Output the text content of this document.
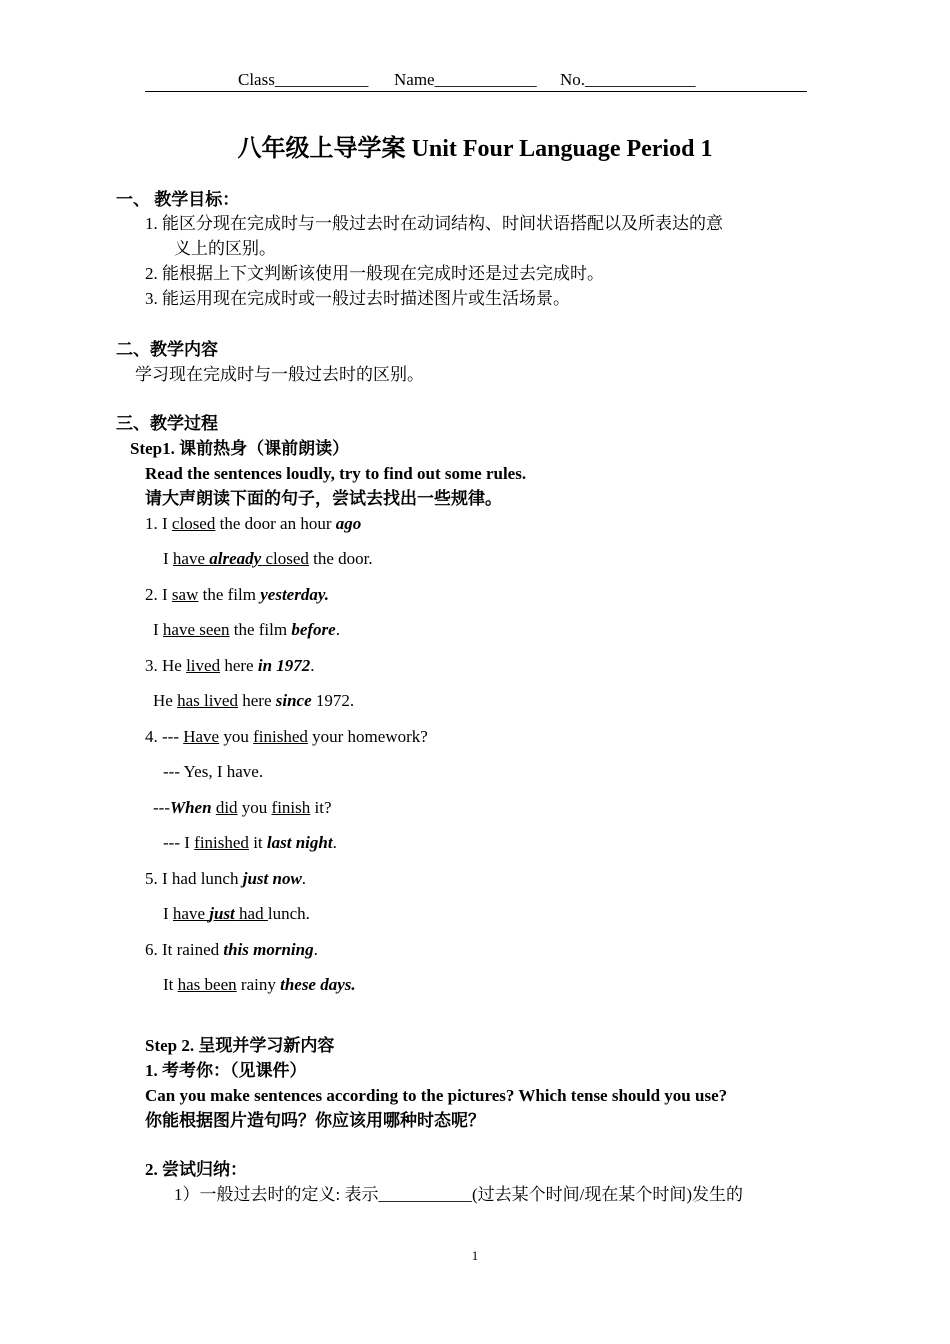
Class___________ Name____________ No._____________
八年级上导学案 Unit Four Language Period 1
一、 教学目标：
1. 能区分现在完成时与一般过去时在动词结构、时间状语搭配以及所表达的意
义上的区别。
2. 能根据上下文判断该使用一般现在完成时还是过去完成时。
3. 能运用现在完成时或一般过去时描述图片或生活场景。
二、教学内容
学习现在完成时与一般过去时的区别。
三、教学过程
Step1. 课前热身（课前朗读）
Read the sentences loudly, try to find out some rules.
请大声朗读下面的句子，尝试去找出一些规律。
1. I closed the door an hour ago
I have already closed the door.
2. I saw the film yesterday.
I have seen the film before.
3. He lived here in 1972.
He has lived here since 1972.
4. --- Have you finished your homework?
--- Yes, I have.
---When did you finish it?
--- I finished it last night.
5. I had lunch just now.
I have just had lunch.
6. It rained this morning.
It has been rainy these days.
Step 2. 呈现并学习新内容
1. 考考你：（见课件）
Can you make sentences according to the pictures? Which tense should you use?
你能根据图片造句吗？你应该用哪种时态呢？
2. 尝试归纳：
1）一般过去时的定义: 表示___________(过去某个时间/现在某个时间)发生的
1
